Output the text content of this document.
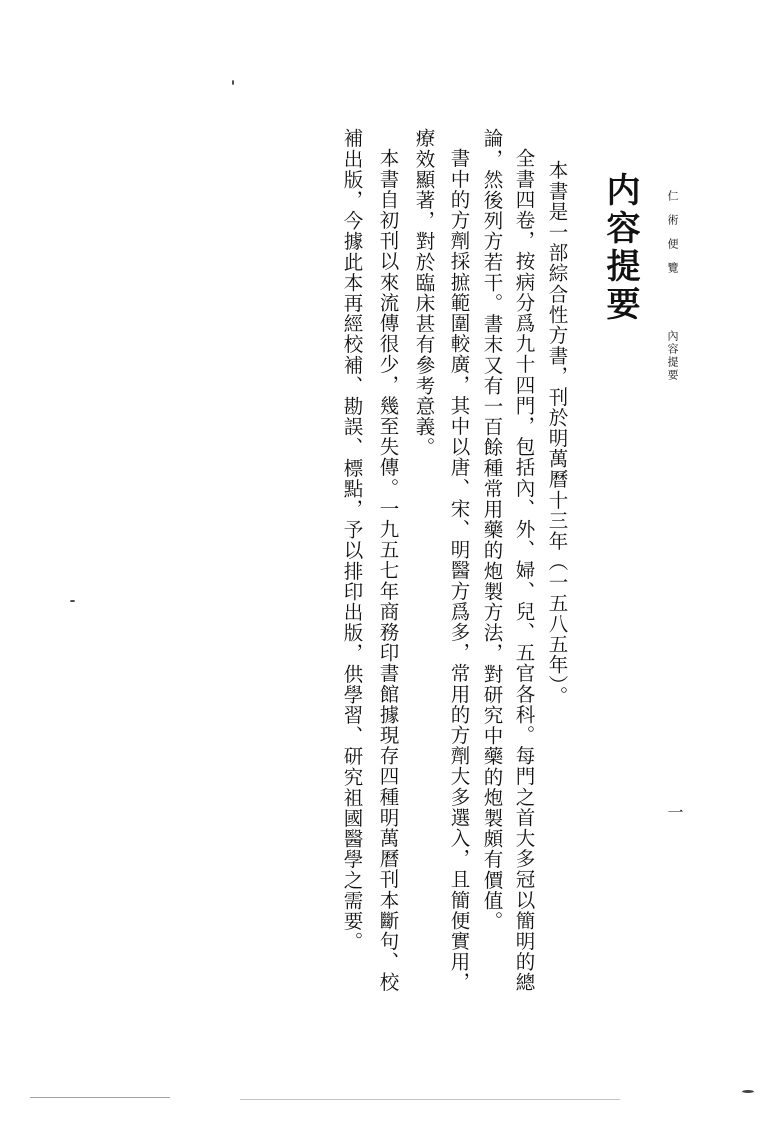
仁術便覽
內容提要
一
内容提要
本書是一部綜合性方書，刊於明萬曆十三年（一五八五年）。
全書四卷，按病分爲九十四門，包括內、外、婦、兒、五官各科。每門之首大多冠以簡明的總
論，然後列方若干。書末又有一百餘種常用藥的炮製方法，對研究中藥的炮製頗有價值。
書中的方劑採摭範圍較廣，其中以唐、宋、明醫方爲多，常用的方劑大多選入，且簡便實用，
療效顯著，對於臨床甚有參考意義。
本書自初刊以來流傳很少，幾至失傳。一九五七年商務印書館據現存四種明萬曆刊本斷句、校
補出版，今據此本再經校補、勘誤、標點，予以排印出版，供學習、研究祖國醫學之需要。
